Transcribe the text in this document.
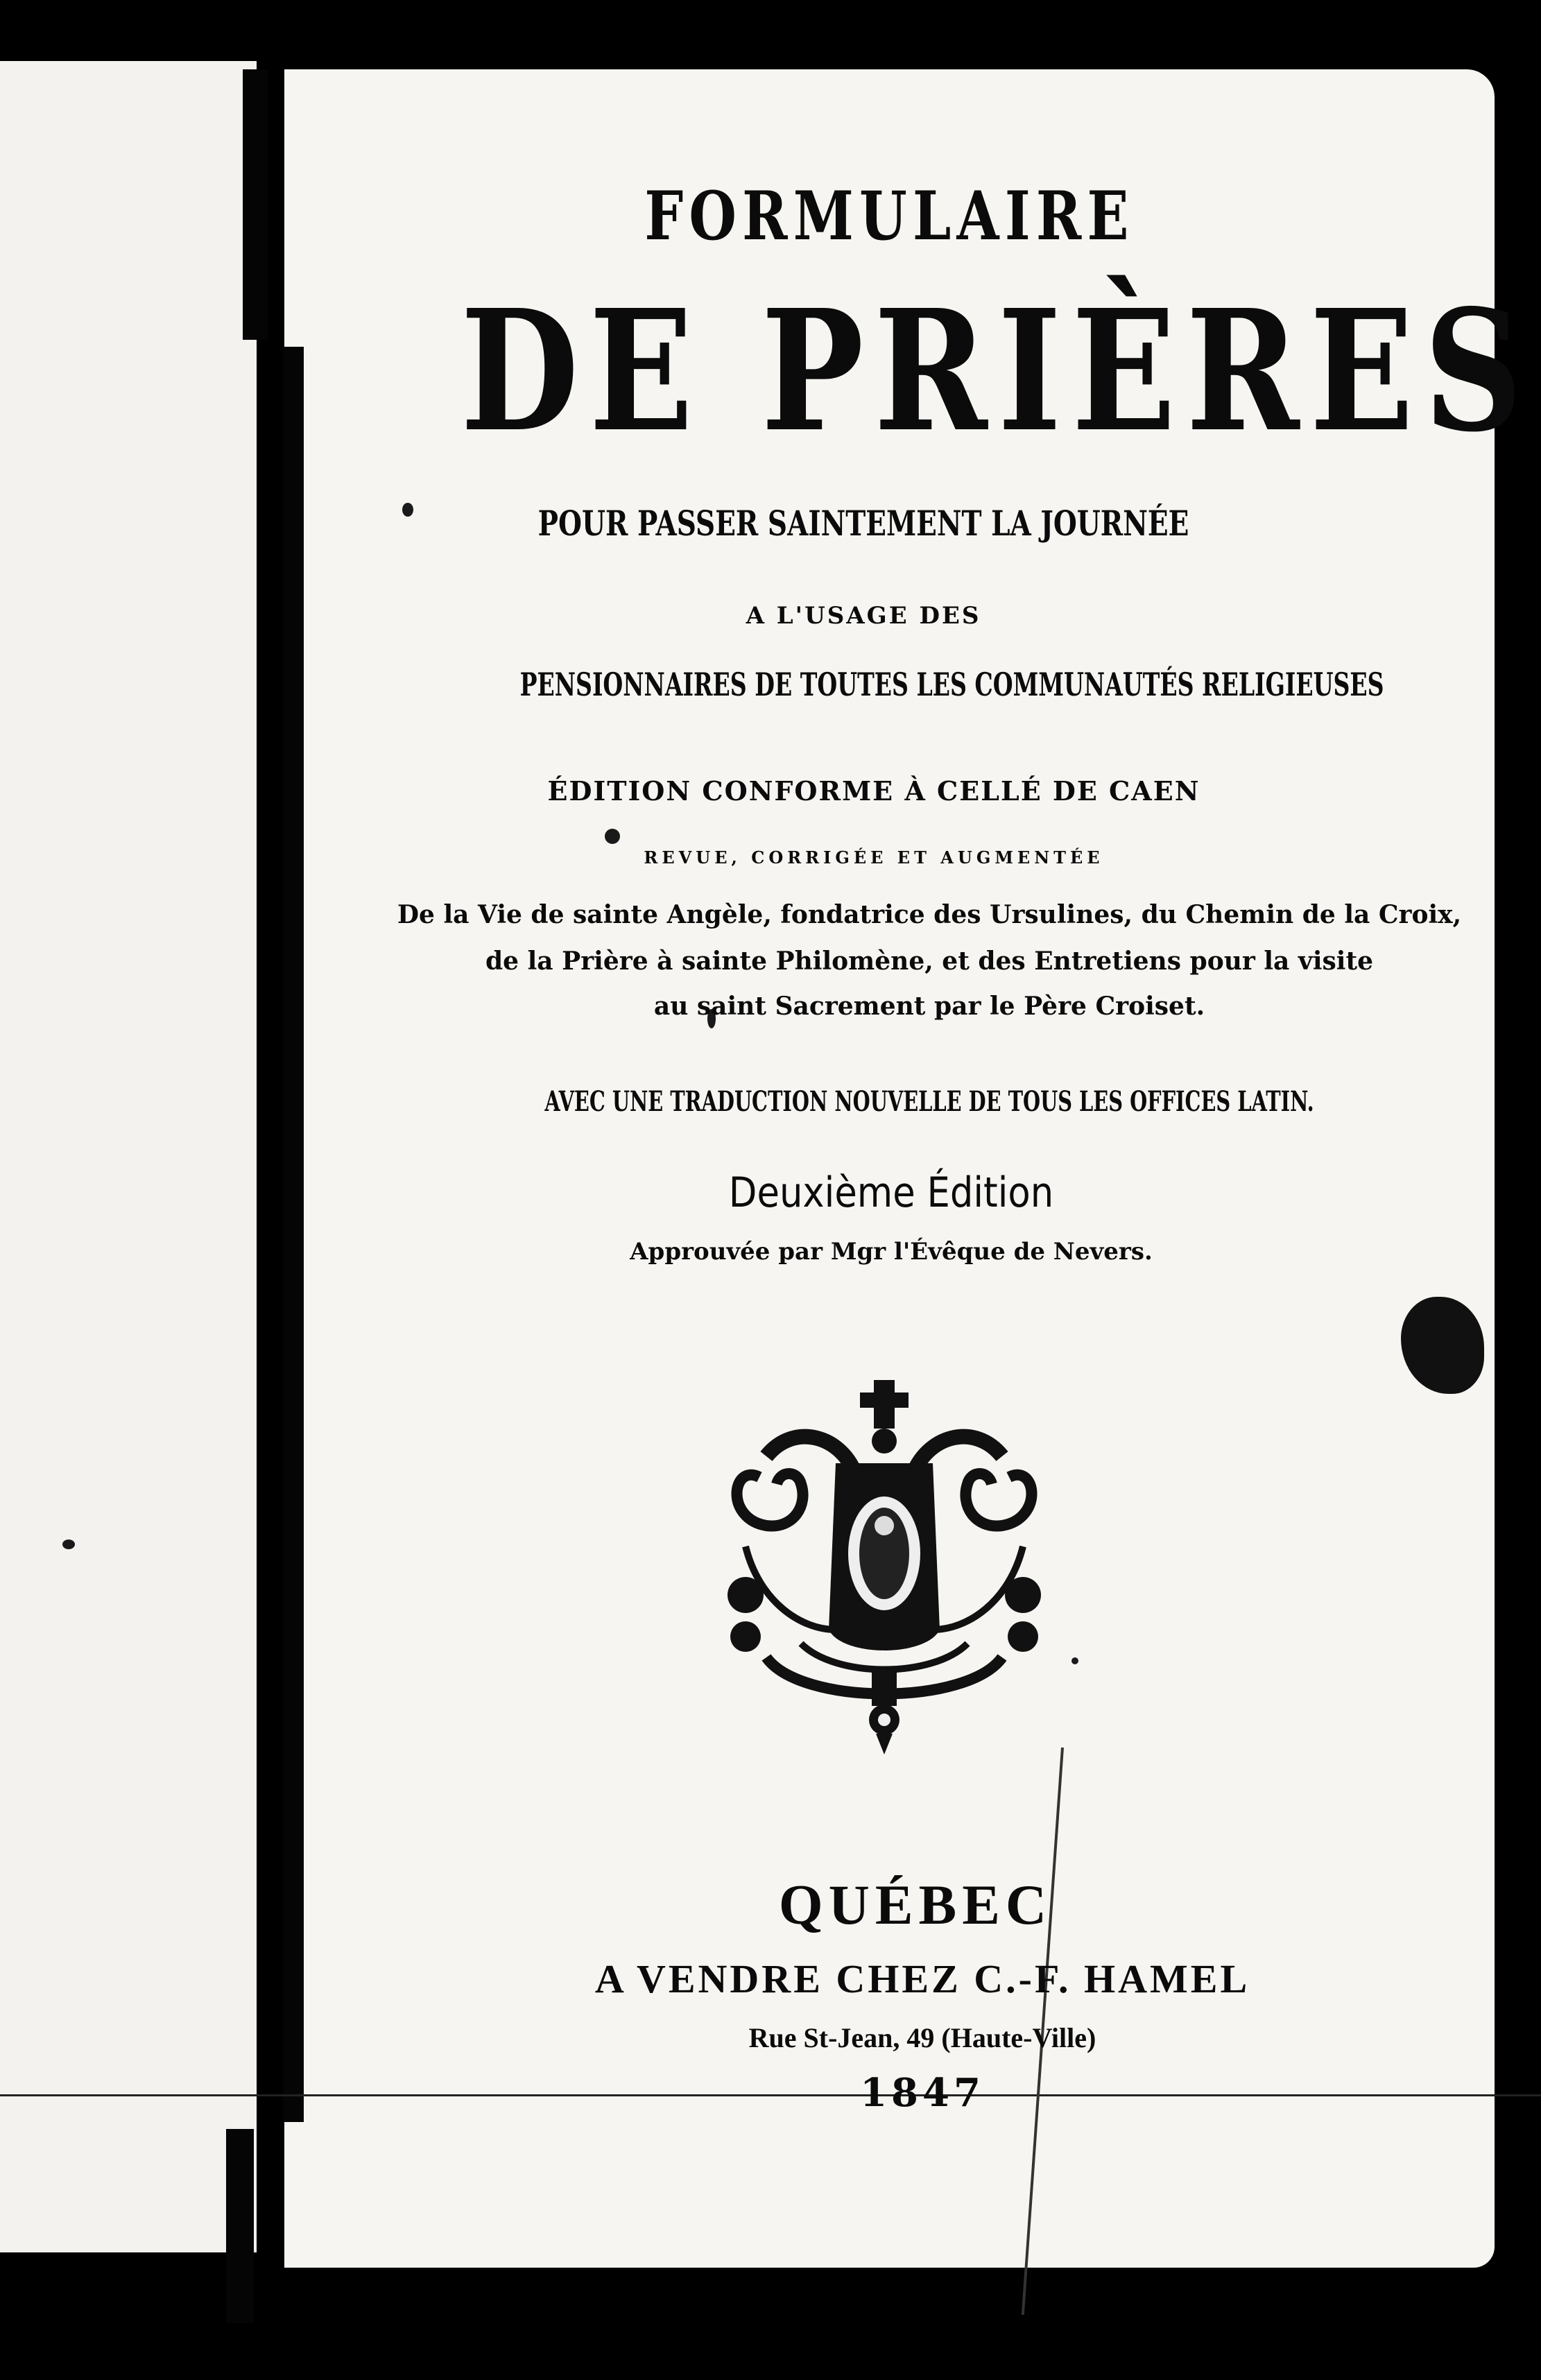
FORMULAIRE
DE PRIÈRES
POUR PASSER SAINTEMENT LA JOURNÉE
A L'USAGE DES
PENSIONNAIRES DE TOUTES LES COMMUNAUTÉS RELIGIEUSES
ÉDITION CONFORME À CELLÉ DE CAEN
REVUE, CORRIGÉE ET AUGMENTÉE
De la Vie de sainte Angèle, fondatrice des Ursulines, du Chemin de la Croix,
de la Prière à sainte Philomène, et des Entretiens pour la visite
au saint Sacrement par le Père Croiset.
AVEC UNE TRADUCTION NOUVELLE DE TOUS LES OFFICES LATIN.
Deuxième Édition
Approuvée par Mgr l'Évêque de Nevers.
QUÉBEC
A VENDRE CHEZ C.-F. HAMEL
Rue St-Jean, 49 (Haute-Ville)
1847
